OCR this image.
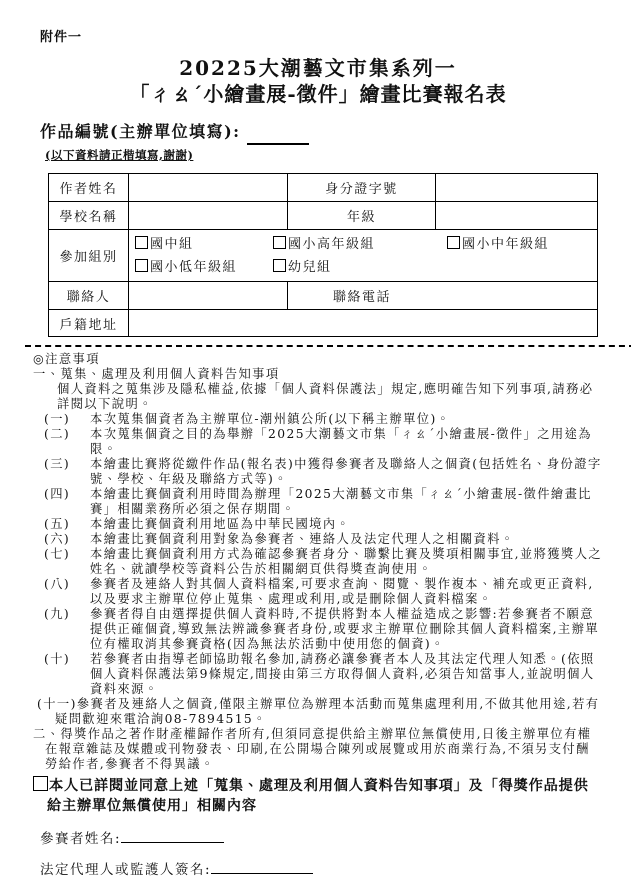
附件一
20225大潮藝文市集系列一
「ㄔㄠˊ小繪畫展-徵件」繪畫比賽報名表
作品編號(主辦單位填寫):
(以下資料請正楷填寫,謝謝)
作者姓名		身分證字號	
學校名稱		年級	
參加組別	國中組 國小高年級組 國小中年級組
國小低年級組 幼兒組		

聯絡人		聯絡電話	
戶籍地址			
◎注意事項
一、蒐集、處理及利用個人資料告知事項
個人資料之蒐集涉及隱私權益,依據「個人資料保護法」規定,應明確告知下列事項,請務必詳閱以下說明。
(一)	本次蒐集個資者為主辦單位-潮州鎮公所(以下稱主辦單位)。
(二)	本次蒐集個資之目的為舉辦「2025大潮藝文市集「ㄔㄠˊ小繪畫展-徵件」之用途為限。
(三)	本繪畫比賽將從繳件作品(報名表)中獲得參賽者及聯絡人之個資(包括姓名、身份證字號、學校、年級及聯絡方式等)。
(四)	本繪畫比賽個資利用時間為辦理「2025大潮藝文市集「ㄔㄠˊ小繪畫展-徵件繪畫比賽」相關業務所必須之保存期間。
(五)	本繪畫比賽個資利用地區為中華民國境內。
(六)	本繪畫比賽個資利用對象為參賽者、連絡人及法定代理人之相關資料。
(七)	本繪畫比賽個資利用方式為確認參賽者身分、聯繫比賽及獎項相關事宜,並將獲獎人之姓名、就讀學校等資料公告於相關網頁供得獎查詢使用。
(八)	參賽者及連絡人對其個人資料檔案,可要求查詢、閱覽、製作複本、補充或更正資料,以及要求主辦單位停止蒐集、處理或利用,或是刪除個人資料檔案。
(九)	參賽者得自由選擇提供個人資料時,不提供將對本人權益造成之影響:若參賽者不願意提供正確個資,導致無法辨識參賽者身份,或要求主辦單位刪除其個人資料檔案,主辦單位有權取消其參賽資格(因為無法於活動中使用您的個資)。
(十)	若參賽者由指導老師協助報名參加,請務必讓參賽者本人及其法定代理人知悉。(依照個人資料保護法第9條規定,間接由第三方取得個人資料,必須告知當事人,並說明個人資料來源。
(十一)參賽者及連絡人之個資,僅限主辦單位為辦理本活動而蒐集處理利用,不做其他用途,若有疑問歡迎來電洽詢08-7894515。
二、得獎作品之著作財產權歸作者所有,但須同意提供給主辦單位無償使用,日後主辦單位有權在報章雜誌及媒體或刊物發表、印刷,在公開場合陳列或展覽或用於商業行為,不須另支付酬勞給作者,參賽者不得異議。
本人已詳閱並同意上述「蒐集、處理及利用個人資料告知事項」及「得獎作品提供給主辦單位無償使用」相關內容
參賽者姓名:
法定代理人或監護人簽名:
